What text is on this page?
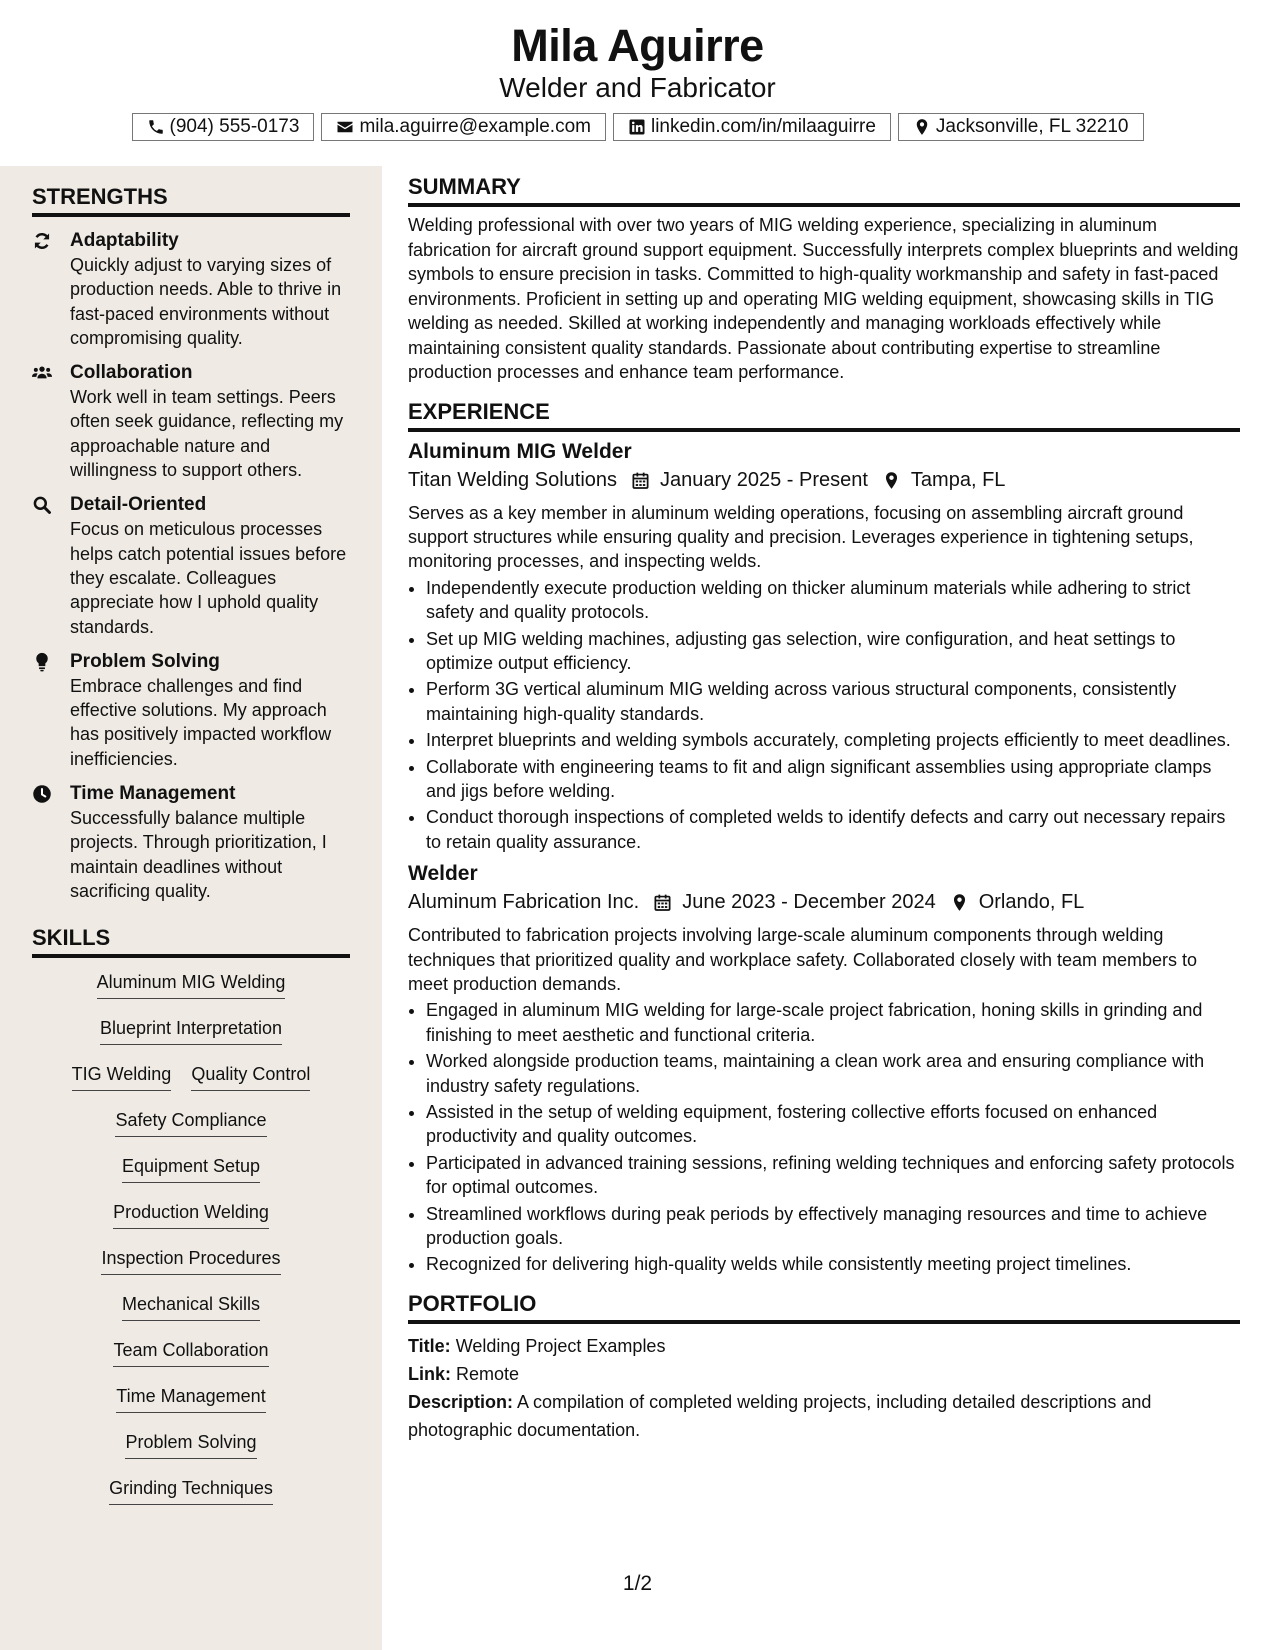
Mila Aguirre
Welder and Fabricator
(904) 555-0173	mila.aguirre@example.com	linkedin.com/in/milaaguirre	Jacksonville, FL 32210
STRENGTHS
Adaptability
Quickly adjust to varying sizes of production needs. Able to thrive in fast-paced environments without compromising quality.
Collaboration
Work well in team settings. Peers often seek guidance, reflecting my approachable nature and willingness to support others.
Detail-Oriented
Focus on meticulous processes helps catch potential issues before they escalate. Colleagues appreciate how I uphold quality standards.
Problem Solving
Embrace challenges and find effective solutions. My approach has positively impacted workflow inefficiencies.
Time Management
Successfully balance multiple projects. Through prioritization, I maintain deadlines without sacrificing quality.
SKILLS
Aluminum MIG Welding
Blueprint Interpretation
TIG Welding Quality Control
Safety Compliance
Equipment Setup
Production Welding
Inspection Procedures
Mechanical Skills
Team Collaboration
Time Management
Problem Solving
Grinding Techniques
SUMMARY
Welding professional with over two years of MIG welding experience, specializing in aluminum fabrication for aircraft ground support equipment. Successfully interprets complex blueprints and welding symbols to ensure precision in tasks. Committed to high-quality workmanship and safety in fast-paced environments. Proficient in setting up and operating MIG welding equipment, showcasing skills in TIG welding as needed. Skilled at working independently and managing workloads effectively while maintaining consistent quality standards. Passionate about contributing expertise to streamline production processes and enhance team performance.
EXPERIENCE
Aluminum MIG Welder
Titan Welding Solutions January 2025 - Present Tampa, FL
Serves as a key member in aluminum welding operations, focusing on assembling aircraft ground support structures while ensuring quality and precision. Leverages experience in tightening setups, monitoring processes, and inspecting welds.
• Independently execute production welding on thicker aluminum materials while adhering to strict safety and quality protocols.
• Set up MIG welding machines, adjusting gas selection, wire configuration, and heat settings to optimize output efficiency.
• Perform 3G vertical aluminum MIG welding across various structural components, consistently maintaining high-quality standards.
• Interpret blueprints and welding symbols accurately, completing projects efficiently to meet deadlines.
• Collaborate with engineering teams to fit and align significant assemblies using appropriate clamps and jigs before welding.
• Conduct thorough inspections of completed welds to identify defects and carry out necessary repairs to retain quality assurance.
Welder
Aluminum Fabrication Inc. June 2023 - December 2024 Orlando, FL
Contributed to fabrication projects involving large-scale aluminum components through welding techniques that prioritized quality and workplace safety. Collaborated closely with team members to meet production demands.
• Engaged in aluminum MIG welding for large-scale project fabrication, honing skills in grinding and finishing to meet aesthetic and functional criteria.
• Worked alongside production teams, maintaining a clean work area and ensuring compliance with industry safety regulations.
• Assisted in the setup of welding equipment, fostering collective efforts focused on enhanced productivity and quality outcomes.
• Participated in advanced training sessions, refining welding techniques and enforcing safety protocols for optimal outcomes.
• Streamlined workflows during peak periods by effectively managing resources and time to achieve production goals.
• Recognized for delivering high-quality welds while consistently meeting project timelines.
PORTFOLIO
Title: Welding Project Examples
Link: Remote
Description: A compilation of completed welding projects, including detailed descriptions and photographic documentation.
1/2
